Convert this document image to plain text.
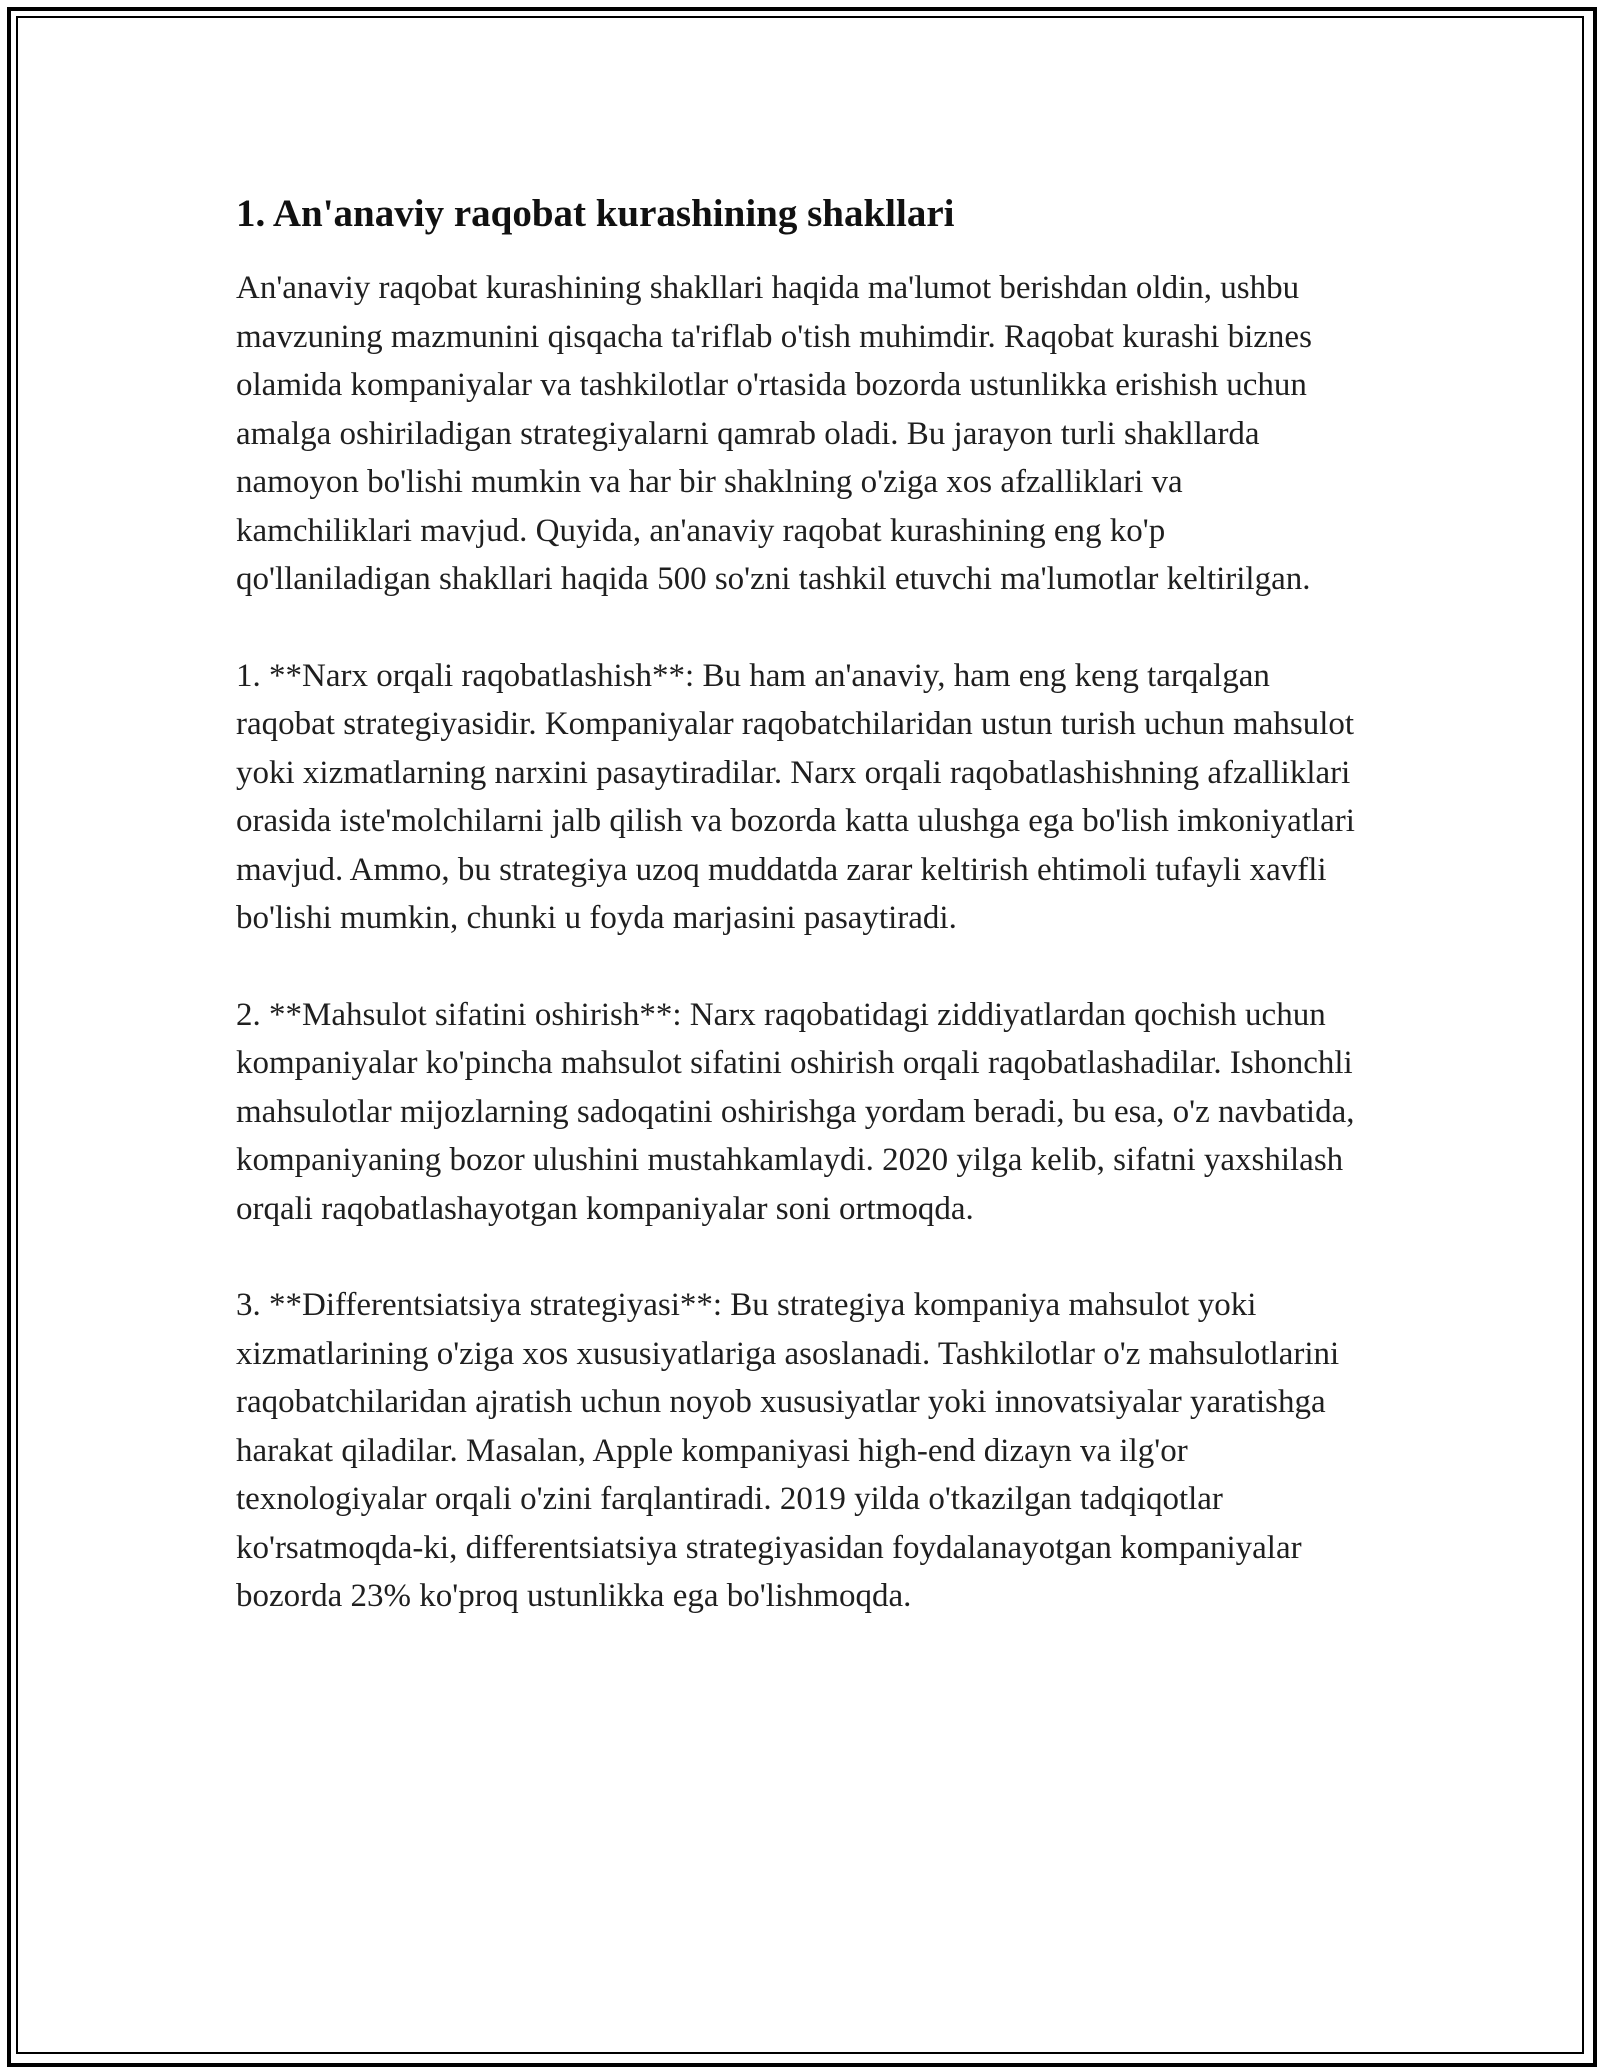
1. An'anaviy raqobat kurashining shakllari

An'anaviy raqobat kurashining shakllari haqida ma'lumot berishdan oldin, ushbu mavzuning mazmunini qisqacha ta'riflab o'tish muhimdir. Raqobat kurashi biznes olamida kompaniyalar va tashkilotlar o'rtasida bozorda ustunlikka erishish uchun amalga oshiriladigan strategiyalarni qamrab oladi. Bu jarayon turli shakllarda namoyon bo'lishi mumkin va har bir shaklning o'ziga xos afzalliklari va kamchiliklari mavjud. Quyida, an'anaviy raqobat kurashining eng ko'p qo'llaniladigan shakllari haqida 500 so'zni tashkil etuvchi ma'lumotlar keltirilgan.

1. **Narx orqali raqobatlashish**: Bu ham an'anaviy, ham eng keng tarqalgan raqobat strategiyasidir. Kompaniyalar raqobatchilaridan ustun turish uchun mahsulot yoki xizmatlarning narxini pasaytiradilar. Narx orqali raqobatlashishning afzalliklari orasida iste'molchilarni jalb qilish va bozorda katta ulushga ega bo'lish imkoniyatlari mavjud. Ammo, bu strategiya uzoq muddatda zarar keltirish ehtimoli tufayli xavfli bo'lishi mumkin, chunki u foyda marjasini pasaytiradi.

2. **Mahsulot sifatini oshirish**: Narx raqobatidagi ziddiyatlardan qochish uchun kompaniyalar ko'pincha mahsulot sifatini oshirish orqali raqobatlashadilar. Ishonchli mahsulotlar mijozlarning sadoqatini oshirishga yordam beradi, bu esa, o'z navbatida, kompaniyaning bozor ulushini mustahkamlaydi. 2020 yilga kelib, sifatni yaxshilash orqali raqobatlashayotgan kompaniyalar soni ortmoqda.

3. **Differentsiatsiya strategiyasi**: Bu strategiya kompaniya mahsulot yoki xizmatlarining o'ziga xos xususiyatlariga asoslanadi. Tashkilotlar o'z mahsulotlarini raqobatchilaridan ajratish uchun noyob xususiyatlar yoki innovatsiyalar yaratishga harakat qiladilar. Masalan, Apple kompaniyasi high-end dizayn va ilg'or texnologiyalar orqali o'zini farqlantiradi. 2019 yilda o'tkazilgan tadqiqotlar ko'rsatmoqda-ki, differentsiatsiya strategiyasidan foydalanayotgan kompaniyalar bozorda 23% ko'proq ustunlikka ega bo'lishmoqda.
